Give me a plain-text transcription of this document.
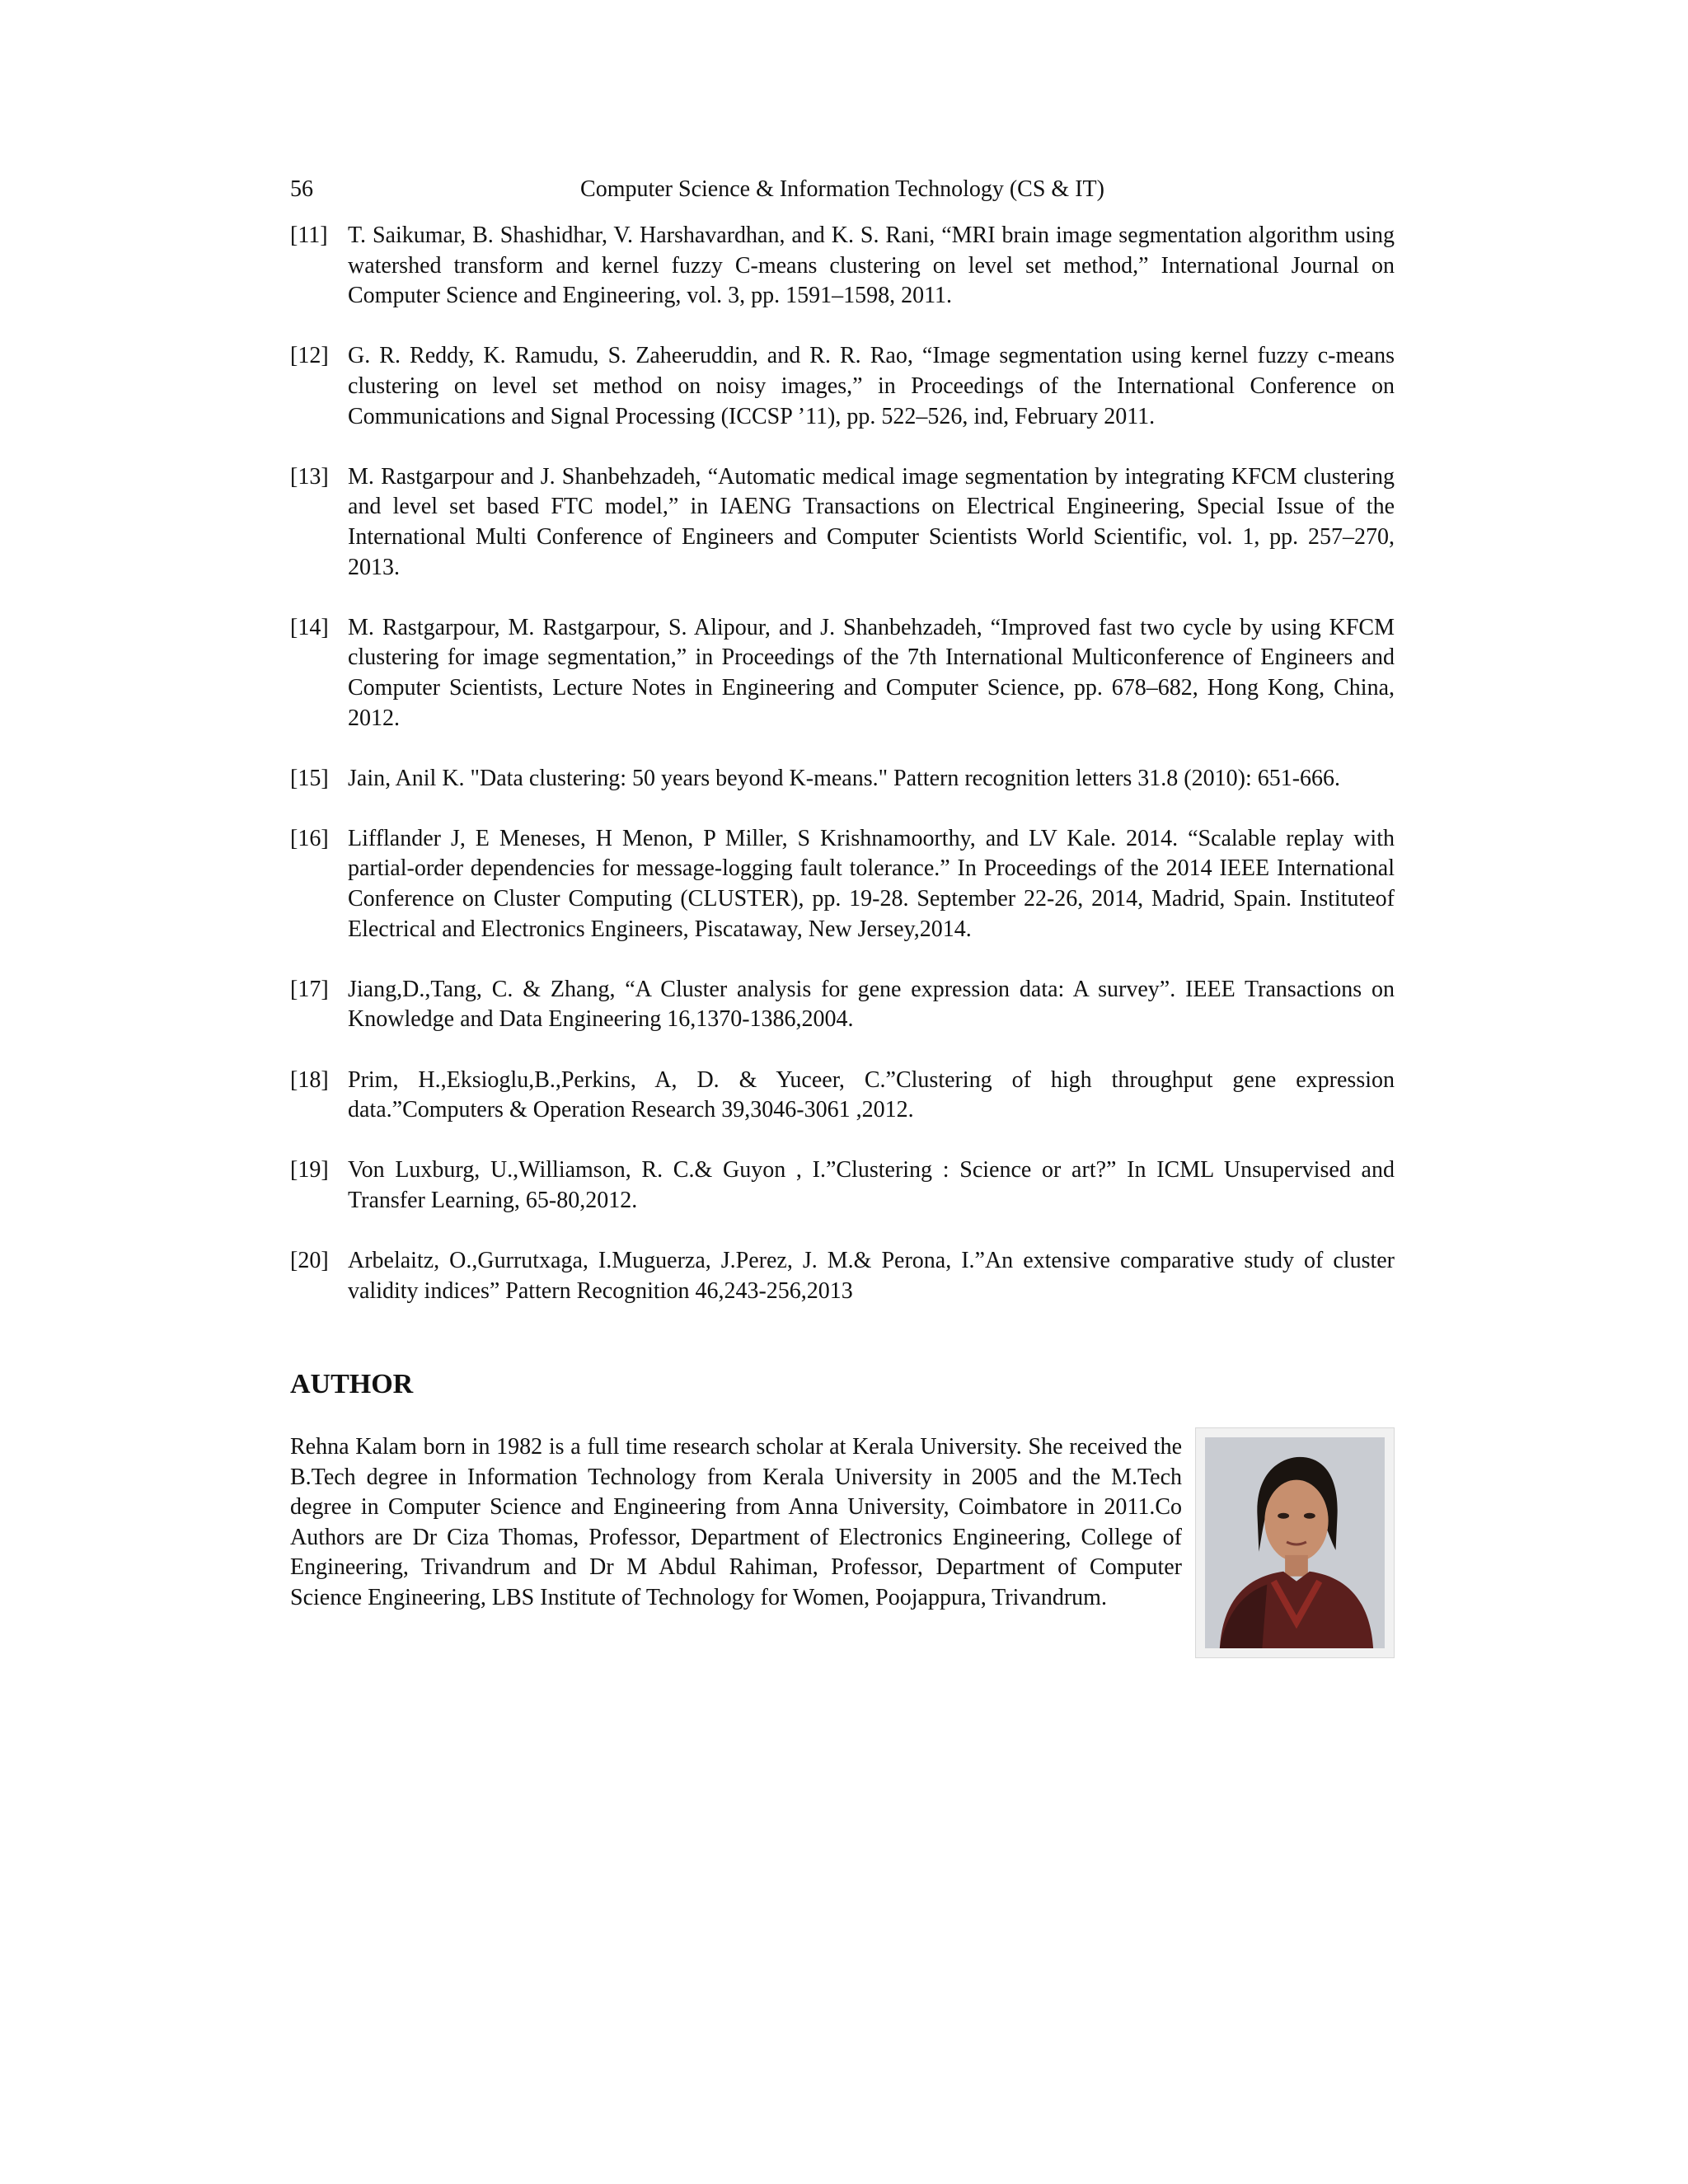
56	Computer Science & Information Technology (CS & IT)
[11] T. Saikumar, B. Shashidhar, V. Harshavardhan, and K. S. Rani, “MRI brain image segmentation algorithm using watershed transform and kernel fuzzy C-means clustering on level set method,” International Journal on Computer Science and Engineering, vol. 3, pp. 1591–1598, 2011.
[12] G. R. Reddy, K. Ramudu, S. Zaheeruddin, and R. R. Rao, “Image segmentation using kernel fuzzy c-means clustering on level set method on noisy images,” in Proceedings of the International Conference on Communications and Signal Processing (ICCSP ’11), pp. 522–526, ind, February 2011.
[13] M. Rastgarpour and J. Shanbehzadeh, “Automatic medical image segmentation by integrating KFCM clustering and level set based FTC model,” in IAENG Transactions on Electrical Engineering, Special Issue of the International Multi Conference of Engineers and Computer Scientists World Scientific, vol. 1, pp. 257–270, 2013.
[14] M. Rastgarpour, M. Rastgarpour, S. Alipour, and J. Shanbehzadeh, “Improved fast two cycle by using KFCM clustering for image segmentation,” in Proceedings of the 7th International Multiconference of Engineers and Computer Scientists, Lecture Notes in Engineering and Computer Science, pp. 678–682, Hong Kong, China, 2012.
[15] Jain, Anil K. "Data clustering: 50 years beyond K-means." Pattern recognition letters 31.8 (2010): 651-666.
[16] Lifflander J, E Meneses, H Menon, P Miller, S Krishnamoorthy, and LV Kale. 2014. “Scalable replay with partial-order dependencies for message-logging fault tolerance.” In Proceedings of the 2014 IEEE International Conference on Cluster Computing (CLUSTER), pp. 19-28. September 22-26, 2014, Madrid, Spain. Instituteof Electrical and Electronics Engineers, Piscataway, New Jersey,2014.
[17] Jiang,D.,Tang, C. & Zhang, “A Cluster analysis for gene expression data: A survey”. IEEE Transactions on Knowledge and Data Engineering 16,1370-1386,2004.
[18] Prim, H.,Eksioglu,B.,Perkins, A, D. & Yuceer, C.”Clustering of high throughput gene expression data.”Computers & Operation Research 39,3046-3061 ,2012.
[19] Von Luxburg, U.,Williamson, R. C.& Guyon , I.”Clustering : Science or art?” In ICML Unsupervised and Transfer Learning, 65-80,2012.
[20] Arbelaitz, O.,Gurrutxaga, I.Muguerza, J.Perez, J. M.& Perona, I.”An extensive comparative study of cluster validity indices” Pattern Recognition 46,243-256,2013
AUTHOR

Rehna Kalam born in 1982 is a full time research scholar at Kerala University. She received the B.Tech degree in Information Technology from Kerala University in 2005 and the M.Tech degree in Computer Science and Engineering from Anna University, Coimbatore in 2011.Co Authors are Dr Ciza Thomas, Professor, Department of Electronics Engineering, College of Engineering, Trivandrum and Dr M Abdul Rahiman, Professor, Department of Computer Science Engineering, LBS Institute of Technology for Women, Poojappura, Trivandrum.
